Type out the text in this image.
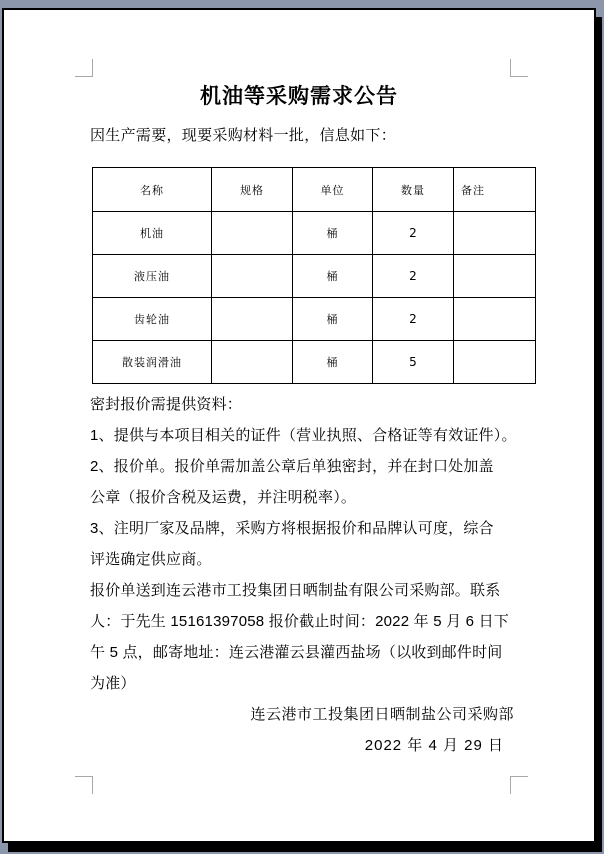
机油等采购需求公告
因生产需要，现要采购材料一批，信息如下：
名称	规格	单位	数量	备注
机油		桶	2	
液压油		桶	2	
齿轮油		桶	2	
散装润滑油		桶	5	
密封报价需提供资料：
1、提供与本项目相关的证件（营业执照、合格证等有效证件）。
2、报价单。报价单需加盖公章后单独密封，并在封口处加盖
公章（报价含税及运费，并注明税率）。
3、注明厂家及品牌，采购方将根据报价和品牌认可度，综合
评选确定供应商。
报价单送到连云港市工投集团日晒制盐有限公司采购部。联系
人：于先生 15161397058 报价截止时间：2022 年 5 月 6 日下
午 5 点，邮寄地址：连云港灌云县灌西盐场（以收到邮件时间
为准）
连云港市工投集团日晒制盐公司采购部
2022 年 4 月 29 日
